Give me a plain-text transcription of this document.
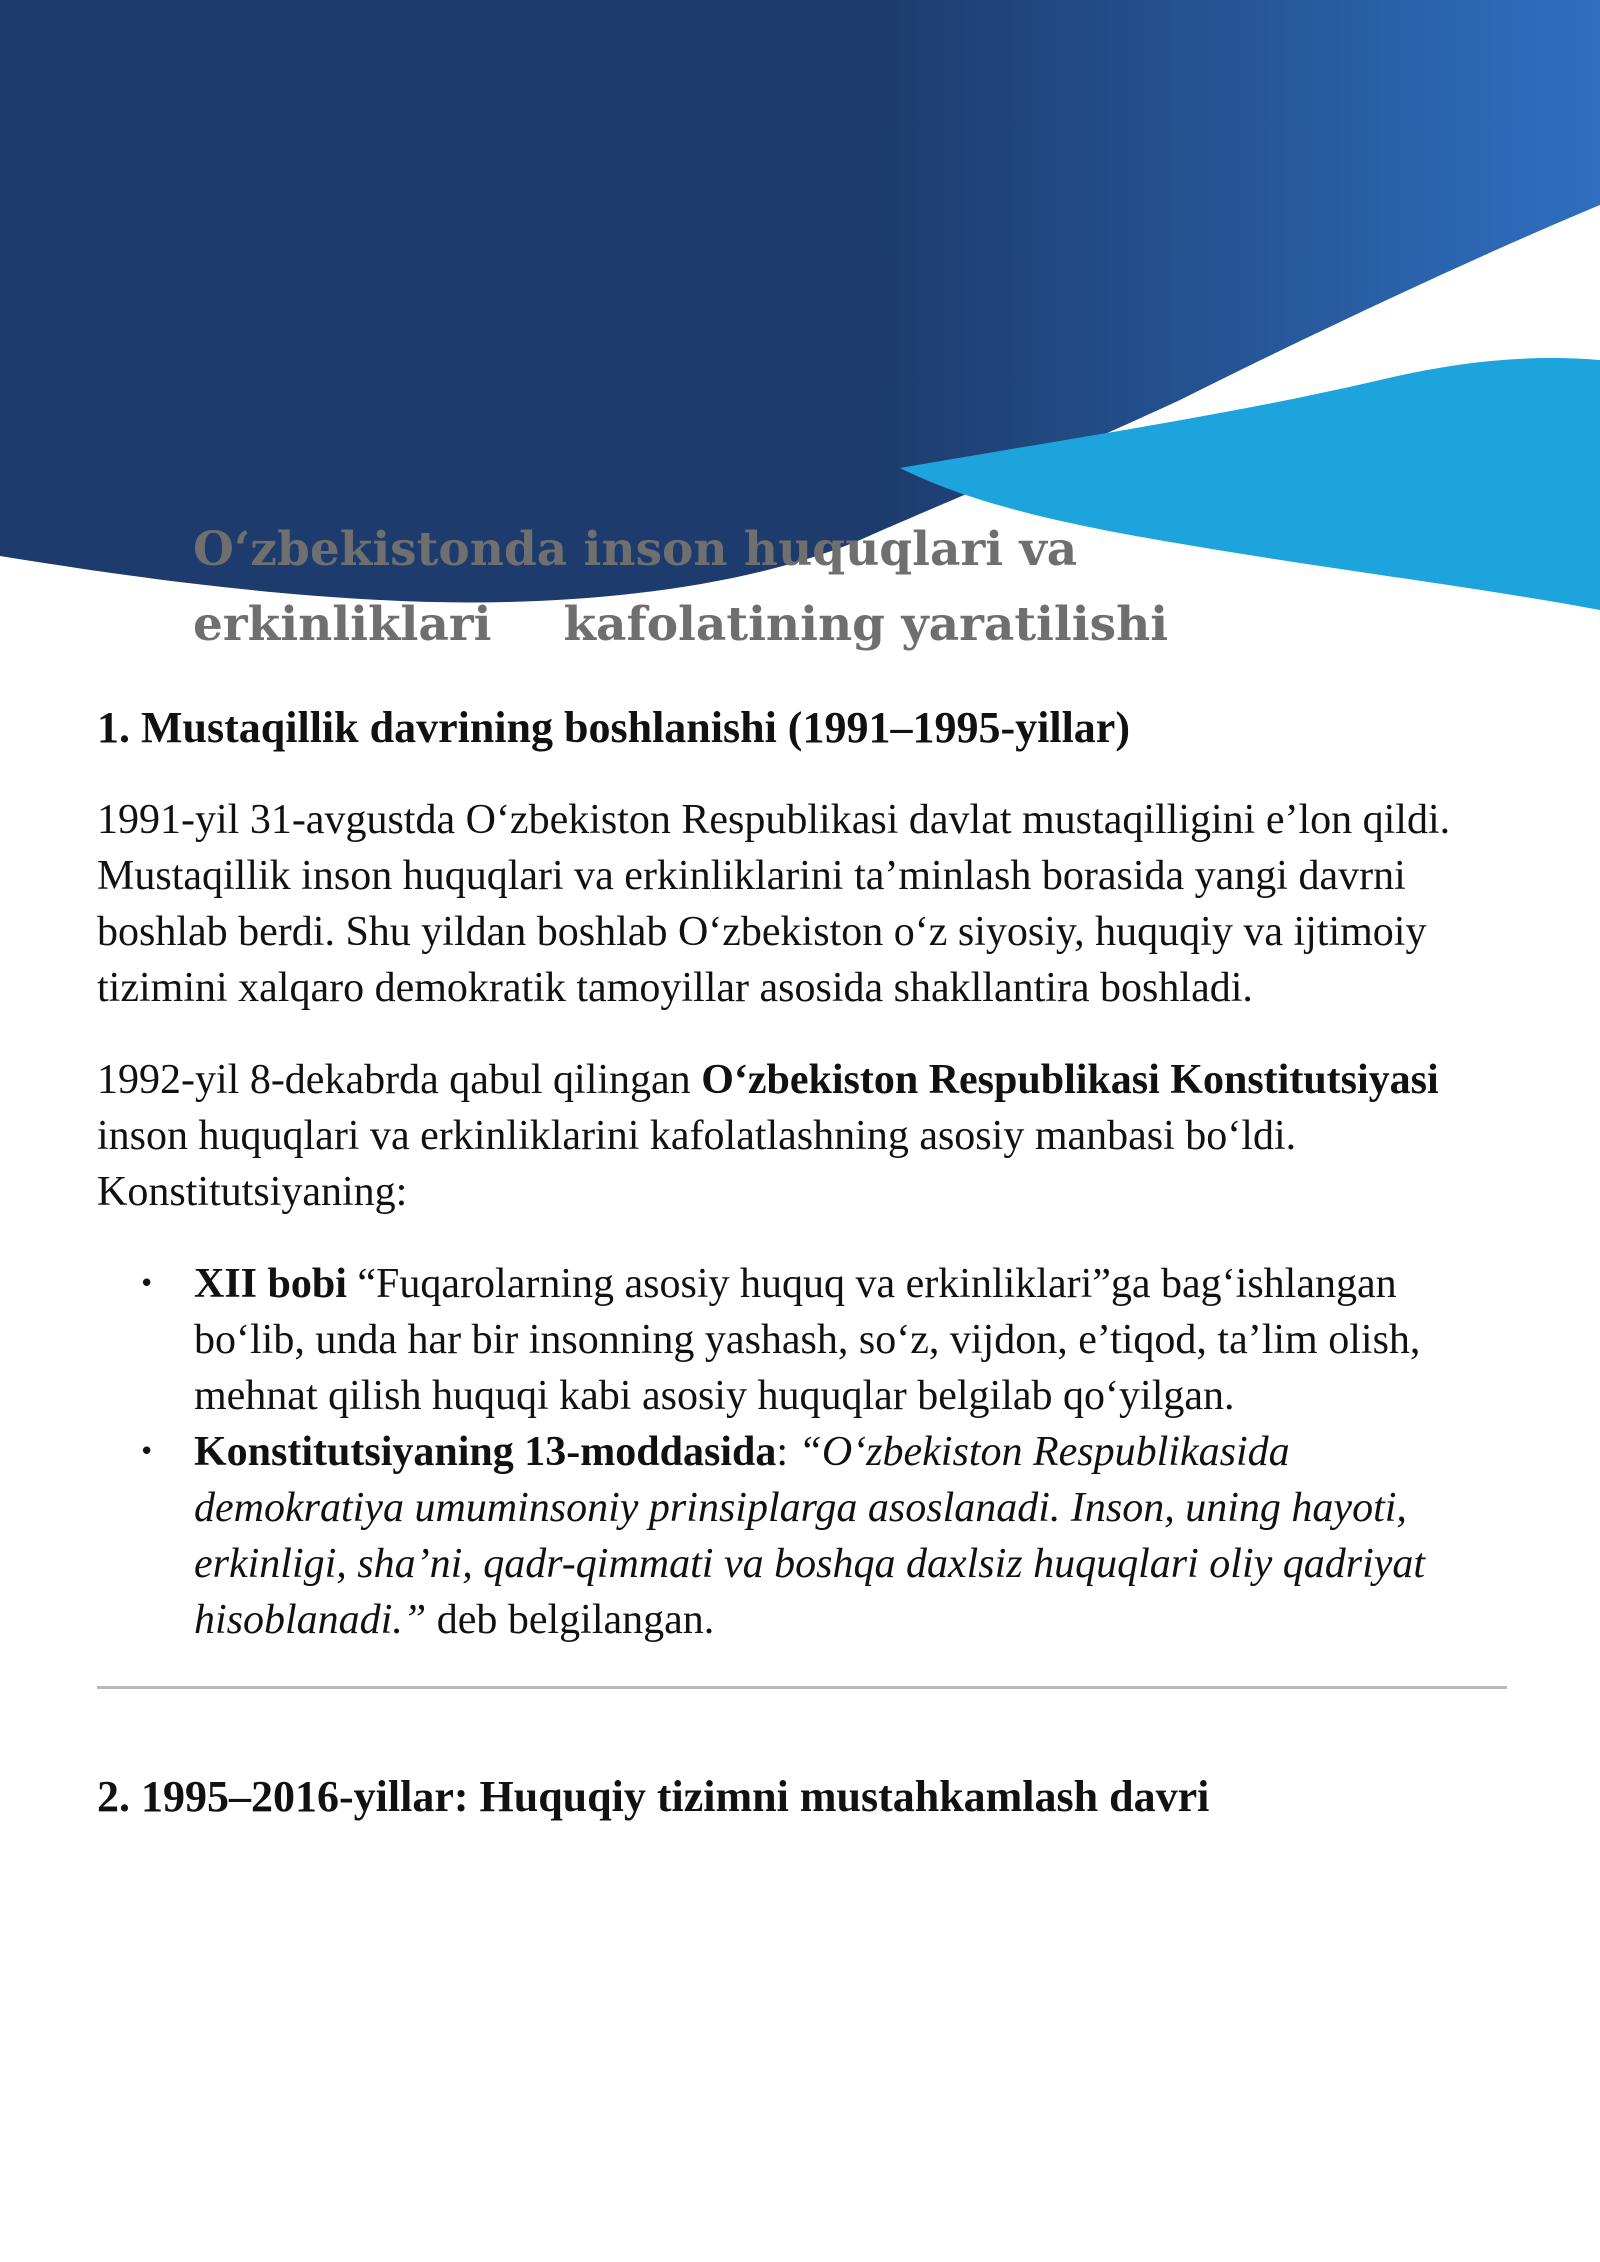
O‘zbekistonda inson huquqlari va
erkinliklari kafolatining yaratilishi
1. Mustaqillik davrining boshlanishi (1991–1995-yillar)

1991-yil 31-avgustda O‘zbekiston Respublikasi davlat mustaqilligini e’lon qildi. Mustaqillik inson huquqlari va erkinliklarini ta’minlash borasida yangi davrni boshlab berdi. Shu yildan boshlab O‘zbekiston o‘z siyosiy, huquqiy va ijtimoiy tizimini xalqaro demokratik tamoyillar asosida shakllantira boshladi.

1992-yil 8-dekabrda qabul qilingan O‘zbekiston Respublikasi Konstitutsiyasi inson huquqlari va erkinliklarini kafolatlashning asosiy manbasi bo‘ldi.
Konstitutsiyaning:

• XII bobi “Fuqarolarning asosiy huquq va erkinliklari”ga bag‘ishlangan bo‘lib, unda har bir insonning yashash, so‘z, vijdon, e’tiqod, ta’lim olish, mehnat qilish huquqi kabi asosiy huquqlar belgilab qo‘yilgan.
• Konstitutsiyaning 13-moddasida: “O‘zbekiston Respublikasida demokratiya umuminsoniy prinsiplarga asoslanadi. Inson, uning hayoti, erkinligi, sha’ni, qadr-qimmati va boshqa daxlsiz huquqlari oliy qadriyat hisoblanadi.” deb belgilangan.
2. 1995–2016-yillar: Huquqiy tizimni mustahkamlash davri
